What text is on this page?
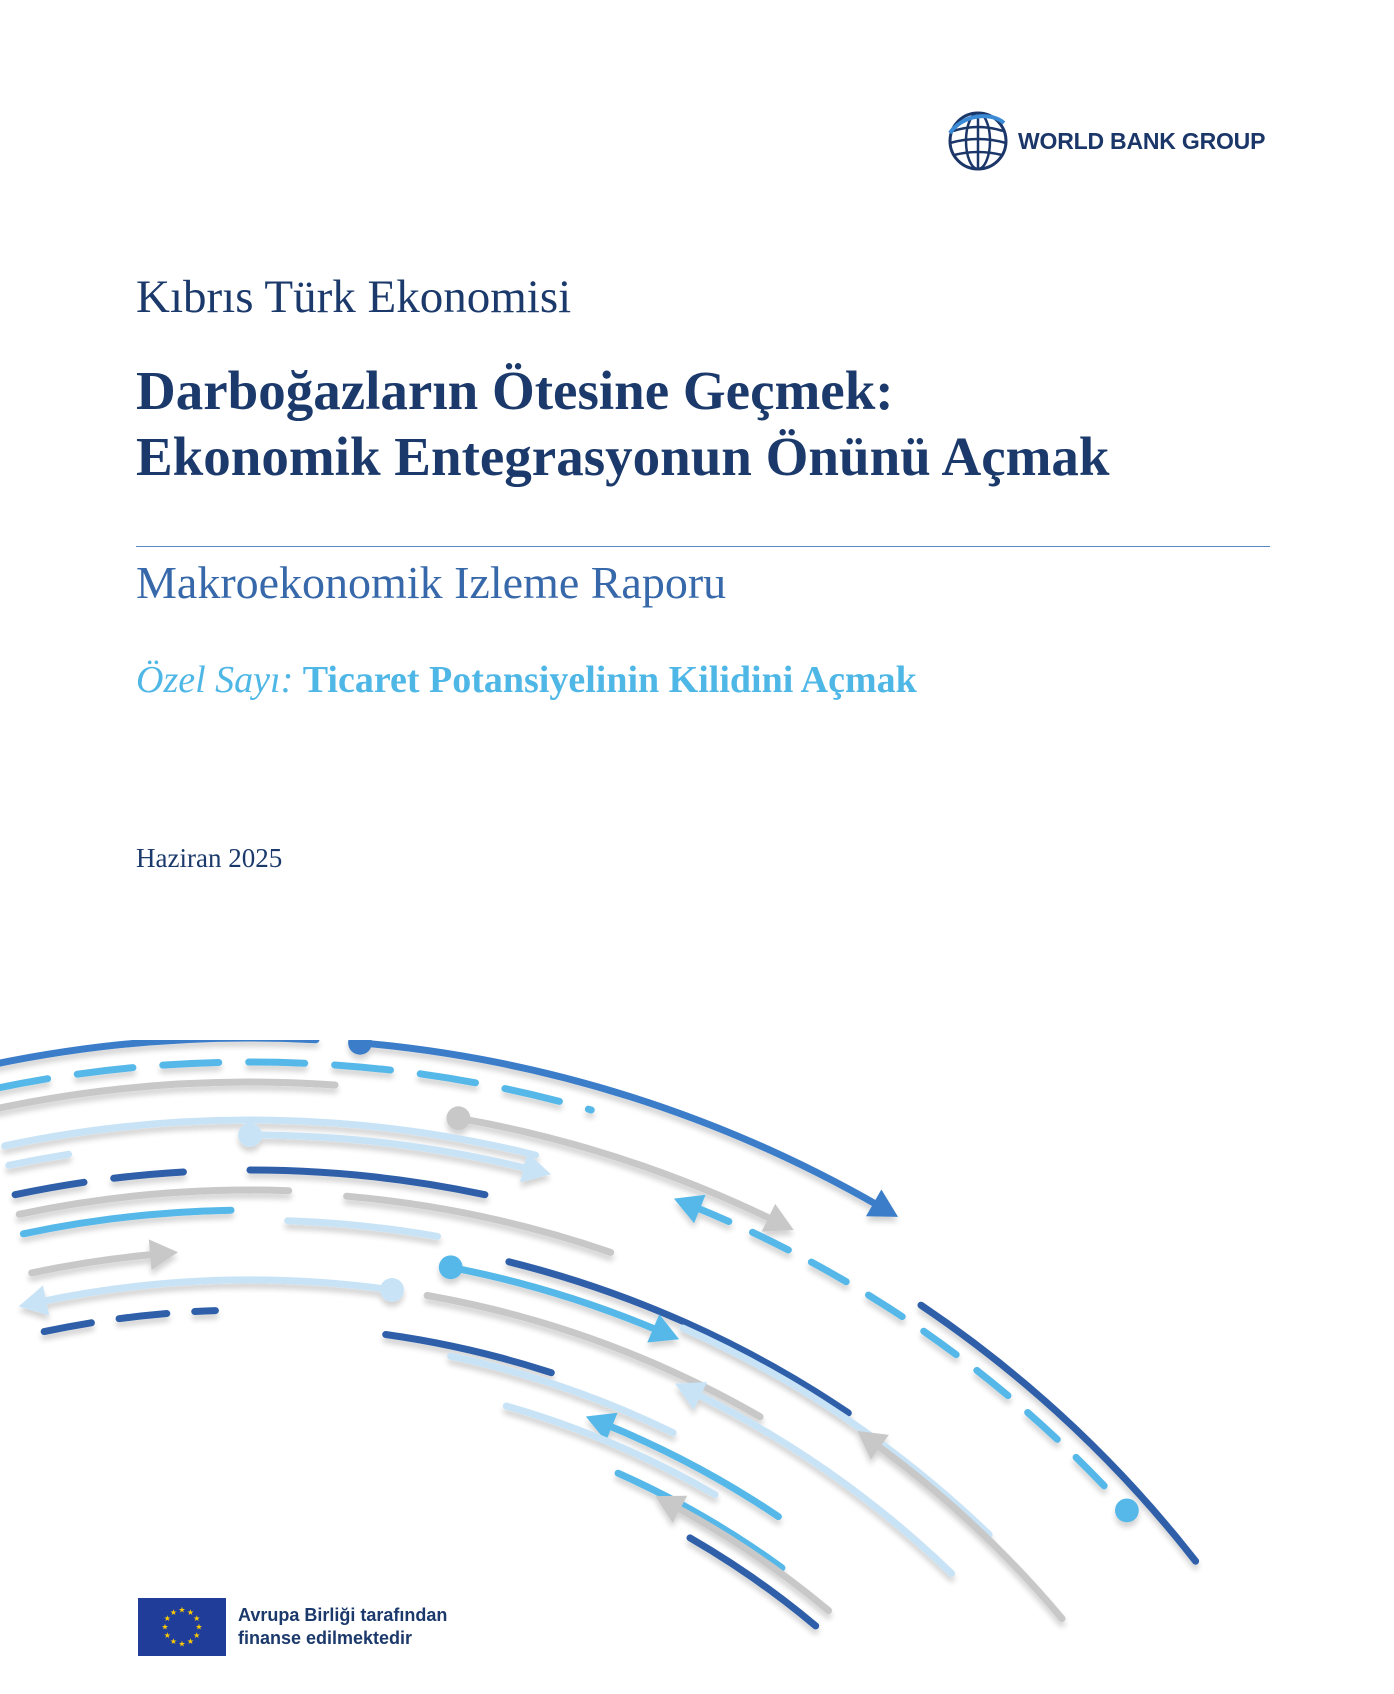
WORLD BANK GROUP
Kıbrıs Türk Ekonomisi
Darboğazların Ötesine Geçmek:
Ekonomik Entegrasyonun Önünü Açmak
Makroekonomik Izleme Raporu
Özel Sayı: Ticaret Potansiyelinin Kilidini Açmak
Haziran 2025
★ ★
★
★
★
★
★
★
★
★
★
★	Avrupa Birliği tarafından
finanse edilmektedir
